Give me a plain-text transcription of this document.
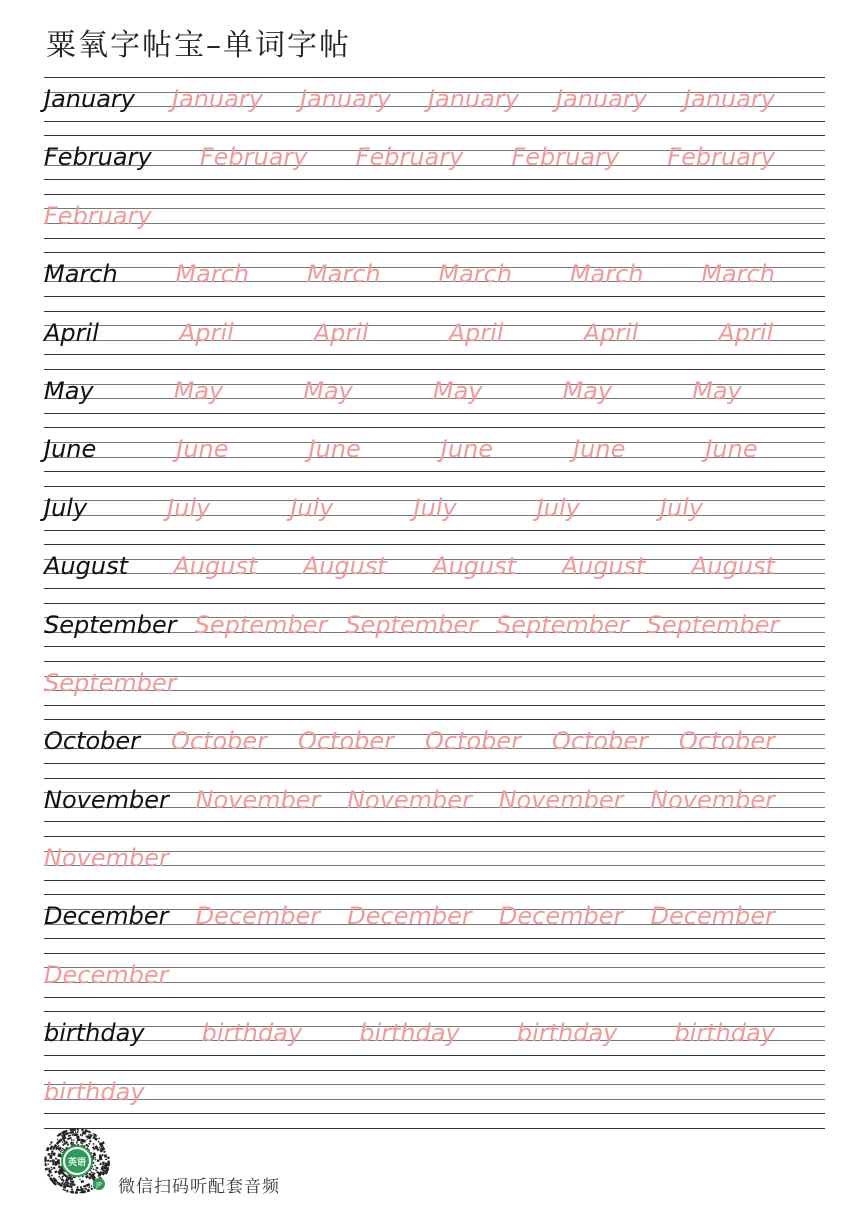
粟氧字帖宝–单词字帖
January January January January January January
February February February February February
February
March March March March March March
April	April	April	April	April	April
May	May	May	May	May	May
June	June	June	June	June	June
July	July	July	July	July	July
August August August August August August
September September September September September
September
October October October October October October
November November November November November
November
December December December December December
December
birthday birthday birthday birthday birthday
birthday
英语
JP 微信扫码听配套音频
